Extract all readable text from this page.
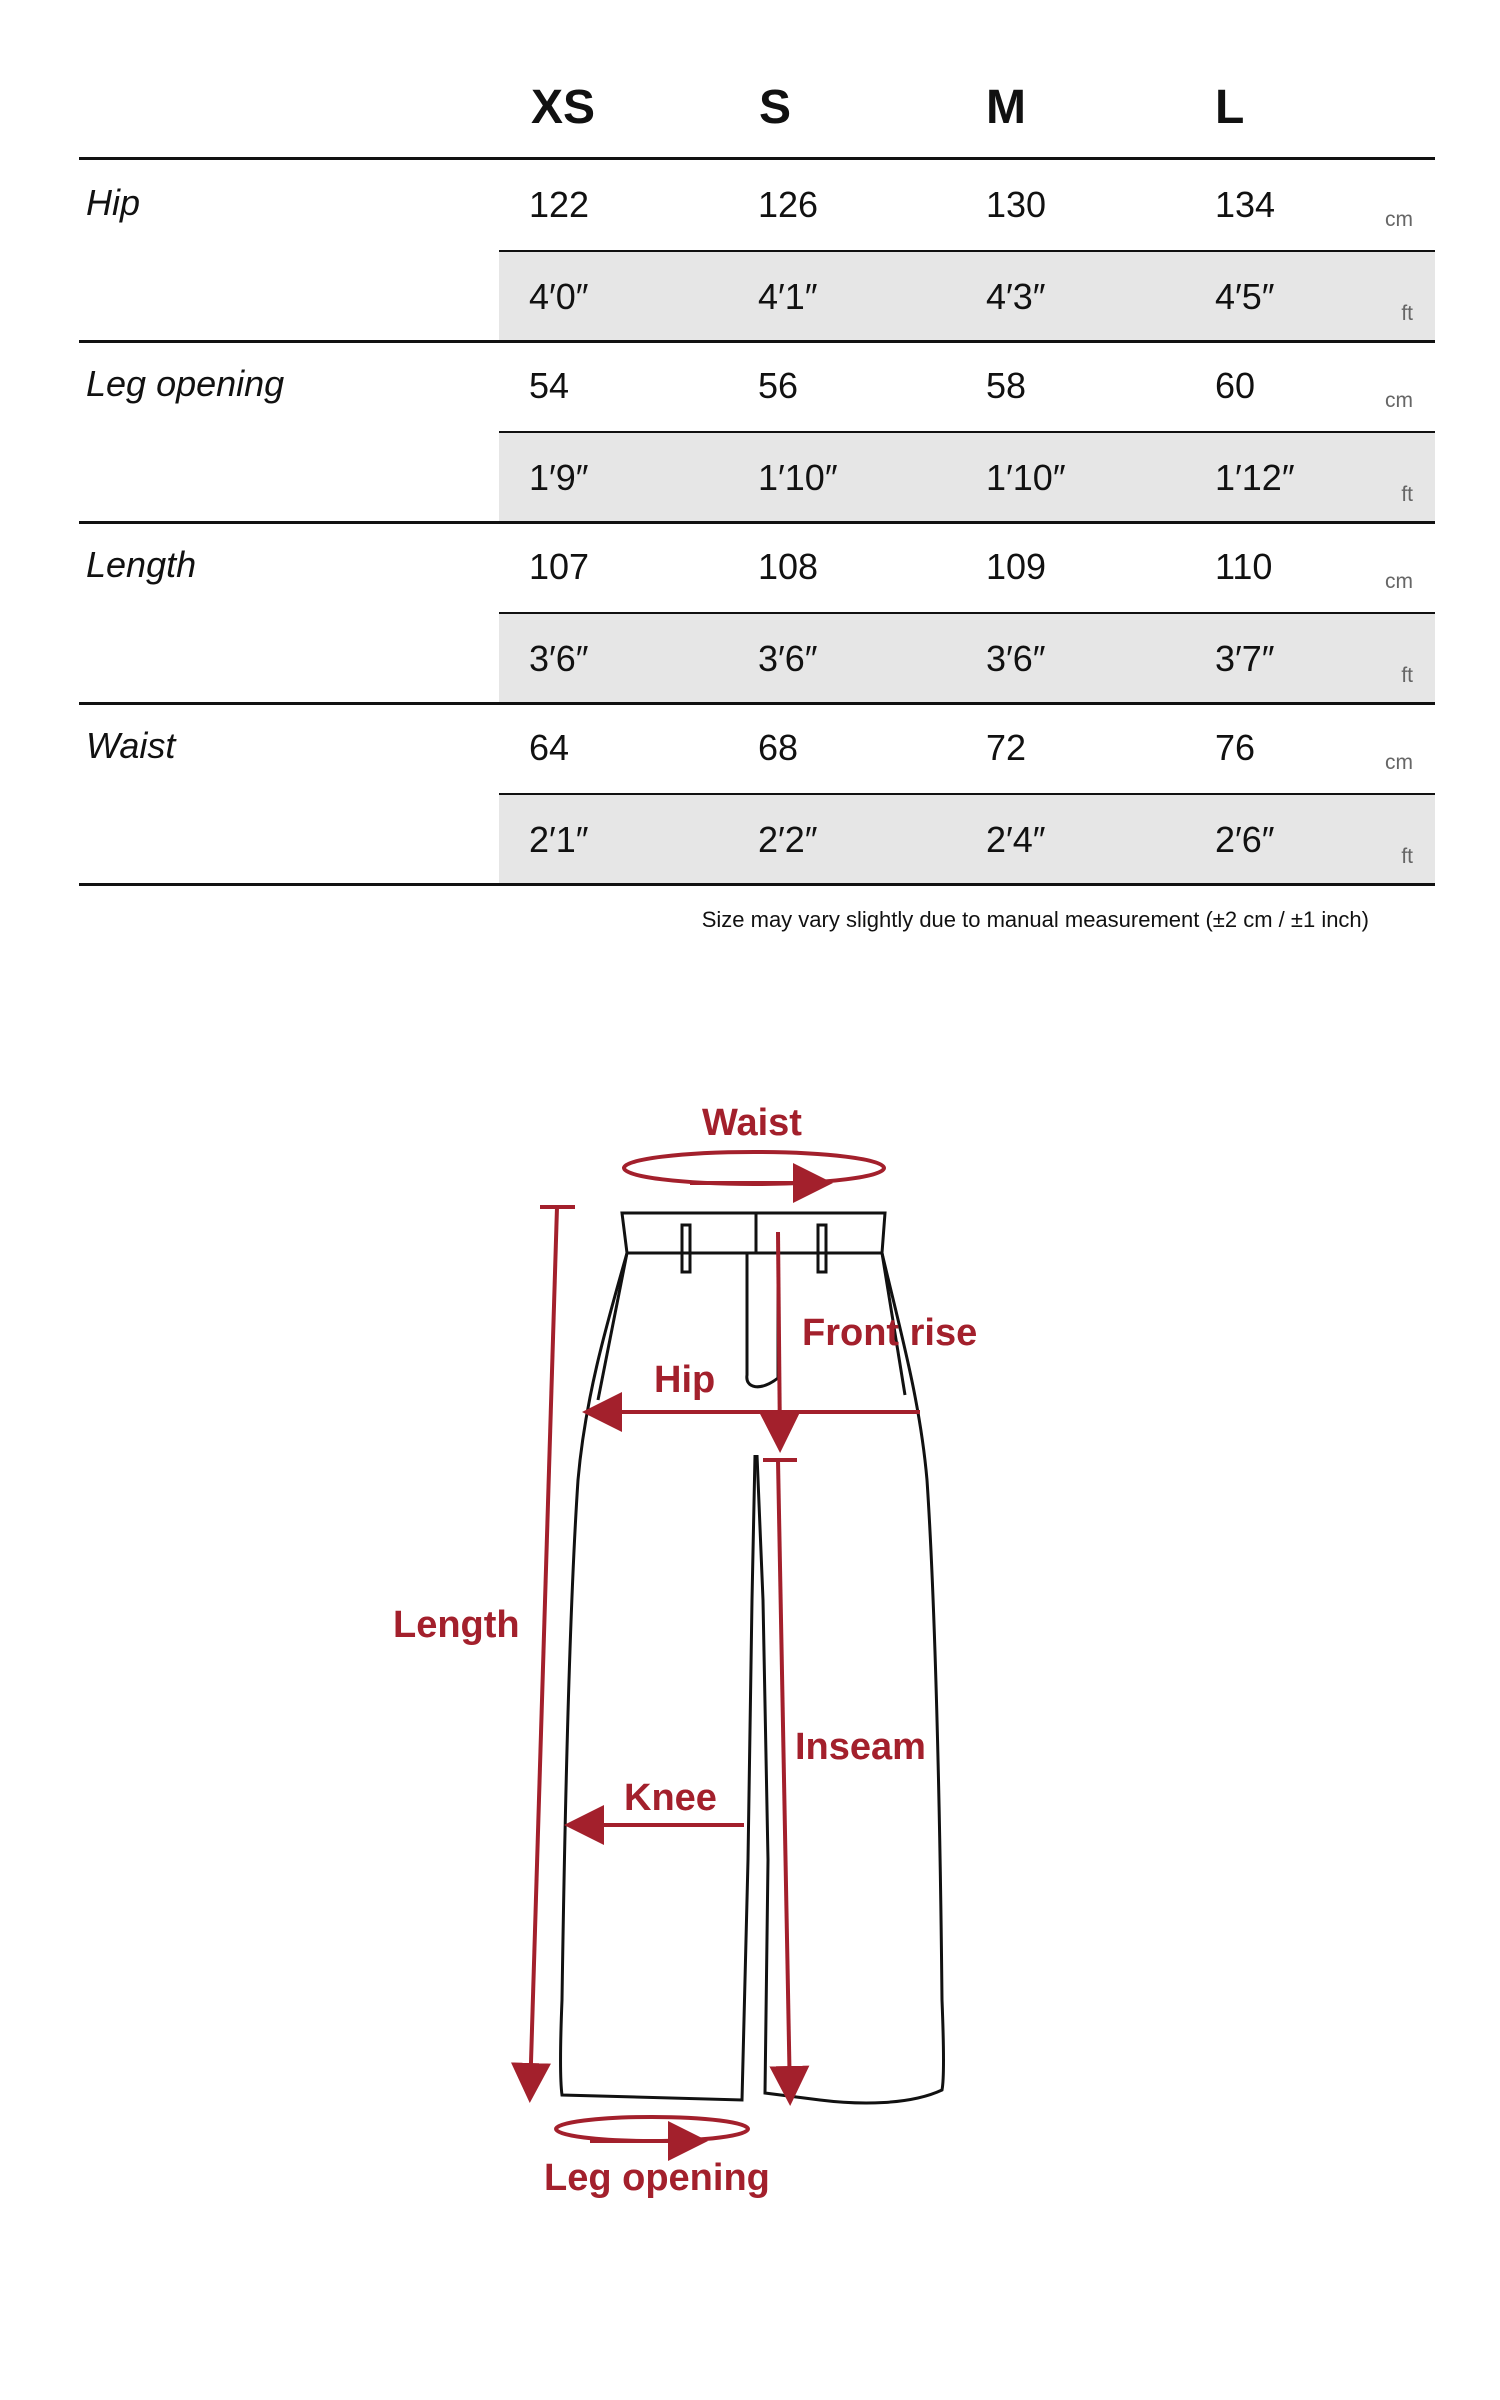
XS	S	M	L
Hip	122	126	130	134	cm
4′0″	4′1″	4′3″	4′5″	ft
Leg opening	54	56	58	60	cm
1′9″	1′10″	1′10″	1′12″	ft
Length	107	108	109	110	cm
3′6″	3′6″	3′6″	3′7″	ft
Waist	64	68	72	76	cm
2′1″	2′2″	2′4″	2′6″	ft
Size may vary slightly due to manual measurement (±2 cm / ±1 inch)
Waist
Front rise
Hip
Length
Inseam
Knee
Leg opening
